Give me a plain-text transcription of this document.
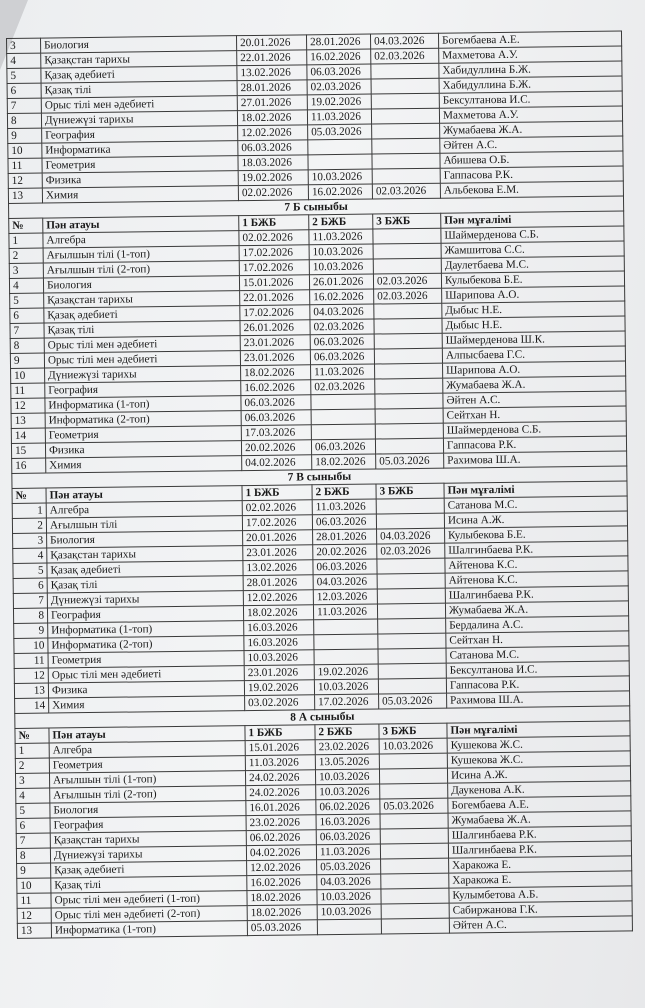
3	Биология	20.01.2026	28.01.2026	04.03.2026	Богембаева А.Е.
4	Қазақстан тарихы	22.01.2026	16.02.2026	02.03.2026	Махметова А.У.
5	Қазақ әдебиеті	13.02.2026	06.03.2026		Хабидуллина Б.Ж.
6	Қазақ тілі	28.01.2026	02.03.2026		Хабидуллина Б.Ж.
7	Орыс тілі мен әдебиеті	27.01.2026	19.02.2026		Бексултанова И.С.
8	Дүниежүзі тарихы	18.02.2026	11.03.2026		Махметова А.У.
9	География	12.02.2026	05.03.2026		Жумабаева Ж.А.
10	Информатика	06.03.2026			Әйтен А.С.
11	Геометрия	18.03.2026			Абишева О.Б.
12	Физика	19.02.2026	10.03.2026		Гаппасова Р.К.
13	Химия	02.02.2026	16.02.2026	02.03.2026	Альбекова Е.М.
7 Б сыныбы					
№	Пән атауы	1 БЖБ	2 БЖБ	3 БЖБ	Пән мұғалімі
1	Алгебра	02.02.2026	11.03.2026		Шаймерденова С.Б.
2	Ағылшын тілі (1-топ)	17.02.2026	10.03.2026		Жамшитова С.С.
3	Ағылшын тілі (2-топ)	17.02.2026	10.03.2026		Даулетбаева М.С.
4	Биология	15.01.2026	26.01.2026	02.03.2026	Кулыбекова Б.Е.
5	Қазақстан тарихы	22.01.2026	16.02.2026	02.03.2026	Шарипова А.О.
6	Қазақ әдебиеті	17.02.2026	04.03.2026		Дыбыс Н.Е.
7	Қазақ тілі	26.01.2026	02.03.2026		Дыбыс Н.Е.
8	Орыс тілі мен әдебиеті	23.01.2026	06.03.2026		Шаймерденова Ш.К.
9	Орыс тілі мен әдебиеті	23.01.2026	06.03.2026		Алпысбаева Г.С.
10	Дүниежүзі тарихы	18.02.2026	11.03.2026		Шарипова А.О.
11	География	16.02.2026	02.03.2026		Жумабаева Ж.А.
12	Информатика (1-топ)	06.03.2026			Әйтен А.С.
13	Информатика (2-топ)	06.03.2026			Сейтхан Н.
14	Геометрия	17.03.2026			Шаймерденова С.Б.
15	Физика	20.02.2026	06.03.2026		Гаппасова Р.К.
16	Химия	04.02.2026	18.02.2026	05.03.2026	Рахимова Ш.А.
7 В сыныбы					
№	Пән атауы	1 БЖБ	2 БЖБ	3 БЖБ	Пән мұғалімі
1	Алгебра	02.02.2026	11.03.2026		Сатанова М.С.
2	Ағылшын тілі	17.02.2026	06.03.2026		Исина А.Ж.
3	Биология	20.01.2026	28.01.2026	04.03.2026	Кулыбекова Б.Е.
4	Қазақстан тарихы	23.01.2026	20.02.2026	02.03.2026	Шалгинбаева Р.К.
5	Қазақ әдебиеті	13.02.2026	06.03.2026		Айтенова К.С.
6	Қазақ тілі	28.01.2026	04.03.2026		Айтенова К.С.
7	Дүниежүзі тарихы	12.02.2026	12.03.2026		Шалгинбаева Р.К.
8	География	18.02.2026	11.03.2026		Жумабаева Ж.А.
9	Информатика (1-топ)	16.03.2026			Бердалина А.С.
10	Информатика (2-топ)	16.03.2026			Сейтхан Н.
11	Геометрия	10.03.2026			Сатанова М.С.
12	Орыс тілі мен әдебиеті	23.01.2026	19.02.2026		Бексултанова И.С.
13	Физика	19.02.2026	10.03.2026		Гаппасова Р.К.
14	Химия	03.02.2026	17.02.2026	05.03.2026	Рахимова Ш.А.
8 А сыныбы					
№	Пән атауы	1 БЖБ	2 БЖБ	3 БЖБ	Пән мұғалімі
1	Алгебра	15.01.2026	23.02.2026	10.03.2026	Кушекова Ж.С.
2	Геометрия	11.03.2026	13.05.2026		Кушекова Ж.С.
3	Ағылшын тілі (1-топ)	24.02.2026	10.03.2026		Исина А.Ж.
4	Ағылшын тілі (2-топ)	24.02.2026	10.03.2026		Даукенова А.К.
5	Биология	16.01.2026	06.02.2026	05.03.2026	Богембаева А.Е.
6	География	23.02.2026	16.03.2026		Жумабаева Ж.А.
7	Қазақстан тарихы	06.02.2026	06.03.2026		Шалгинбаева Р.К.
8	Дүниежүзі тарихы	04.02.2026	11.03.2026		Шалгинбаева Р.К.
9	Қазақ әдебиеті	12.02.2026	05.03.2026		Харакожа Е.
10	Қазақ тілі	16.02.2026	04.03.2026		Харакожа Е.
11	Орыс тілі мен әдебиеті (1-топ)	18.02.2026	10.03.2026		Кулымбетова А.Б.
12	Орыс тілі мен әдебиеті (2-топ)	18.02.2026	10.03.2026		Сабиржанова Г.К.
13	Информатика (1-топ)	05.03.2026			Әйтен А.С.
